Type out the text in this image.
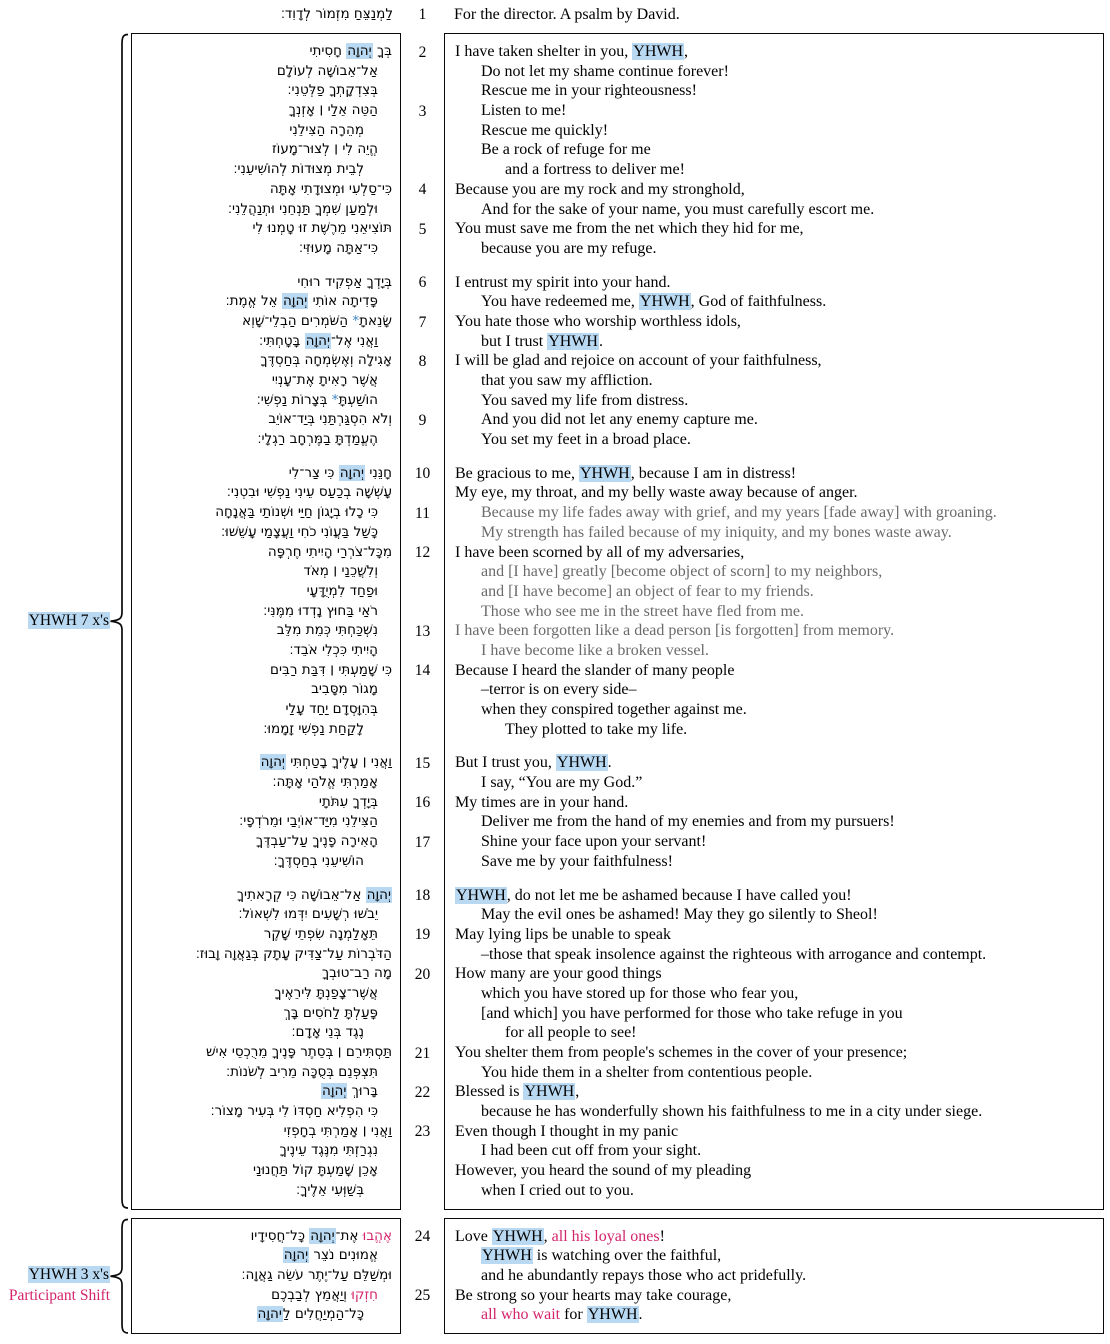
לַמְנַצֵּחַ מִזְמוֹר לְדָוִד׃	1	For the director. A psalm by David.
בְּךָ יְהוָה חָסִיתִי
אַל־אֵבוֹשָׁה לְעוֹלָם
בְּצִדְקָתְךָ פַלְּטֵנִי׃
הַטֵּה אֵלַי ׀ אָזְנְךָ
מְהֵרָה הַצִּילֵנִי
הֱיֵה לִי ׀ לְצוּר־מָעוֹז
לְבֵית מְצוּדוֹת לְהוֹשִׁיעֵנִי׃
כִּי־סַלְעִי וּמְצוּדָתִי אָתָּה
וּלְמַעַן שִׁמְךָ תַּנְחֵנִי וּתְנַהֲלֵנִי׃
תּוֹצִיאֵנִי מֵרֶשֶׁת זוּ טָמְנוּ לִי
כִּי־אַתָּה מָעוּזִּי׃
בְּיָדְךָ אַפְקִיד רוּחִי
פָּדִיתָה אוֹתִי יְהוָה אֵל אֱמֶת׃
שָׂנֵאתָ* הַשֹּׁמְרִים הַבְלֵי־שָׁוְא
וַאֲנִי אֶל־יְהוָה בָּטָחְתִּי׃
אָגִילָה וְאֶשְׂמְחָה בְּחַסְדֶּךָ
אֲשֶׁר רָאִיתָ אֶת־עָנְיִי
הוֹשַׁעְתָּ* בְּצָרוֹת נַפְשִׁי׃
וְלֹא הִסְגַּרְתַּנִי בְּיַד־אוֹיֵב
הֶעֱמַדְתָּ בַמֶּרְחָב רַגְלָי׃
חָנֵּנִי יְהוָה כִּי צַר־לִי
עָשְׁשָׁה בְכַעַס עֵינִי נַפְשִׁי וּבִטְנִי׃
כִּי כָלוּ בְיָגוֹן חַיַּי וּשְׁנוֹתַי בַּאֲנָחָה
כָּשַׁל בַּעֲוֹנִי כֹחִי וַעֲצָמַי עָשֵׁשׁוּ׃
מִכָּל־צֹרְרַי הָיִיתִי חֶרְפָּה
וְלִשֲׁכֵנַי ׀ מְאֹד
וּפַחַד לִמְיֻדָּעָי
רֹאַי בַּחוּץ נָדְדוּ מִמֶּנִּי׃
נִשְׁכַּחְתִּי כְּמֵת מִלֵּב
הָיִיתִי כִּכְלִי אֹבֵד׃
כִּי שָׁמַעְתִּי ׀ דִּבַּת רַבִּים
מָגוֹר מִסָּבִיב
בְּהִוָּסְדָם יַחַד עָלַי
לָקַחַת נַפְשִׁי זָמָמוּ׃
וַאֲנִי ׀ עָלֶיךָ בָטַחְתִּי יְהוָה
אָמַרְתִּי אֱלֹהַי אָתָּה׃
בְּיָדְךָ עִתֹּתָי
הַצִּילֵנִי מִיַּד־אוֹיְבַי וּמֵרֹדְפָי׃
הָאִירָה פָנֶיךָ עַל־עַבְדֶּךָ
הוֹשִׁיעֵנִי בְחַסְדֶּךָ׃
יְהוָה אַל־אֵבוֹשָׁה כִּי קְרָאתִיךָ
יֵבֹשׁוּ רְשָׁעִים יִדְּמוּ לִשְׁאוֹל׃
תֵּאָלַמְנָה שִׂפְתֵי שָׁקֶר
הַדֹּבְרוֹת עַל־צַדִּיק עָתָק בְּגַאֲוָה וָבוּז׃
מָה רַב־טוּבְךָ
אֲשֶׁר־צָפַנְתָּ לִּירֵאֶיךָ
פָּעַלְתָּ לַחֹסִים בָּךְ
נֶגֶד בְּנֵי אָדָם׃
תַּסְתִּירֵם ׀ בְּסֵתֶר פָּנֶיךָ מֵרֻכְסֵי אִישׁ
תִּצְפְּנֵם בְּסֻכָּה מֵרִיב לְשֹׁנוֹת׃
בָּרוּךְ יְהוָה
כִּי הִפְלִיא חַסְדּוֹ לִי בְּעִיר מָצוֹר׃
וַאֲנִי ׀ אָמַרְתִּי בְחָפְזִי
נִגְרַזְתִּי מִנֶּגֶד עֵינֶיךָ
אָכֵן שָׁמַעְתָּ קוֹל תַּחֲנוּנַי
בְּשַׁוְּעִי אֵלֶיךָ׃
2
3
4
5
6
7
8
9
10
11
12
13
14
15
16
17
18
19
20
21
22
23
I have taken shelter in you, YHWH,
Do not let my shame continue forever!
Rescue me in your righteousness!
Listen to me!
Rescue me quickly!
Be a rock of refuge for me
and a fortress to deliver me!
Because you are my rock and my stronghold,
And for the sake of your name, you must carefully escort me.
You must save me from the net which they hid for me,
because you are my refuge.
I entrust my spirit into your hand.
You have redeemed me, YHWH, God of faithfulness.
You hate those who worship worthless idols,
but I trust YHWH.
I will be glad and rejoice on account of your faithfulness,
that you saw my affliction.
You saved my life from distress.
And you did not let any enemy capture me.
You set my feet in a broad place.
Be gracious to me, YHWH, because I am in distress!
My eye, my throat, and my belly waste away because of anger.
Because my life fades away with grief, and my years [fade away] with groaning.
My strength has failed because of my iniquity, and my bones waste away.
I have been scorned by all of my adversaries,
and [I have] greatly [become object of scorn] to my neighbors,
and [I have become] an object of fear to my friends.
Those who see me in the street have fled from me.
I have been forgotten like a dead person [is forgotten] from memory.
I have become like a broken vessel.
Because I heard the slander of many people
–terror is on every side–
when they conspired together against me.
They plotted to take my life.
But I trust you, YHWH.
I say, “You are my God.”
My times are in your hand.
Deliver me from the hand of my enemies and from my pursuers!
Shine your face upon your servant!
Save me by your faithfulness!
YHWH, do not let me be ashamed because I have called you!
May the evil ones be ashamed! May they go silently to Sheol!
May lying lips be unable to speak
–those that speak insolence against the righteous with arrogance and contempt.
How many are your good things
which you have stored up for those who fear you,
[and which] you have performed for those who take refuge in you
for all people to see!
You shelter them from people's schemes in the cover of your presence;
You hide them in a shelter from contentious people.
Blessed is YHWH,
because he has wonderfully shown his faithfulness to me in a city under siege.
Even though I thought in my panic
I had been cut off from your sight.
However, you heard the sound of my pleading
when I cried out to you.
אֶהֱבוּ אֶת־יְהוָה כָּל־חֲסִידָיו
אֱמוּנִים נֹצֵר יְהוָה
וּמְשַׁלֵּם עַל־יֶתֶר עֹשֵׂה גַאֲוָה׃
חִזְקוּ וְיַאֲמֵץ לְבַבְכֶם
כָּל־הַמְיַחֲלִים לַיהוָה
24
25
Love YHWH, all his loyal ones!
YHWH is watching over the faithful,
and he abundantly repays those who act pridefully.
Be strong so your hearts may take courage,
all who wait for YHWH.
YHWH 7 x's
YHWH 3 x's
Participant Shift
